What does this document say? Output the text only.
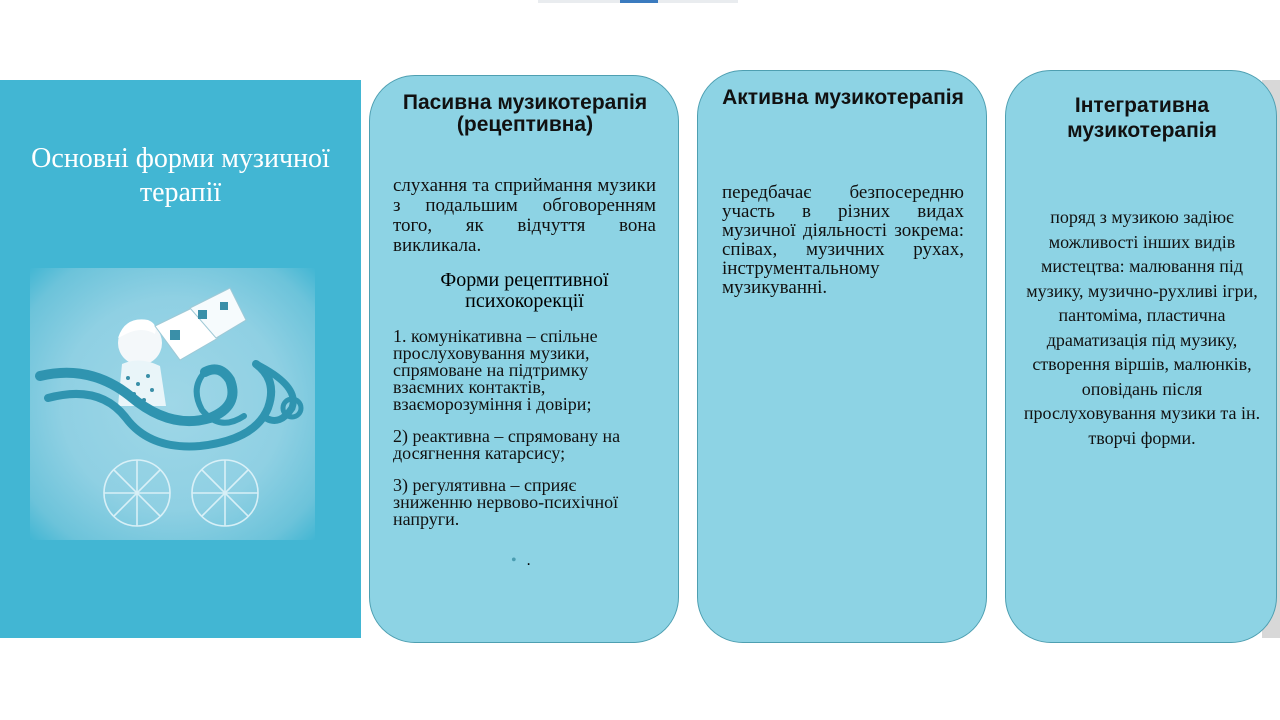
Основні форми музичної терапії
Пасивна музикотерапія (рецептивна)
слухання та сприймання музики з подальшим обговоренням того, як відчуття вона викликала.
Форми рецептивної психокорекції
1. комунікативна – спільне прослуховування музики, спрямоване на підтримку взаємних контактів, взаєморозуміння і довіри;
2) реактивна – спрямовану на досягнення катарсису;
3) регулятивна – сприяє зниженню нервово-психічної напруги.
• .
Активна музикотерапія
передбачає безпосередню участь в різних видах музичної діяльності зокрема: співах, музичних рухах, інструментальному музикуванні.
Інтегративна музикотерапія
поряд з музикою задіює можливості інших видів мистецтва: малювання під музику, музично-рухливі ігри, пантоміма, пластична драматизація під музику, створення віршів, малюнків, оповідань після прослуховування музики та ін. творчі форми.
